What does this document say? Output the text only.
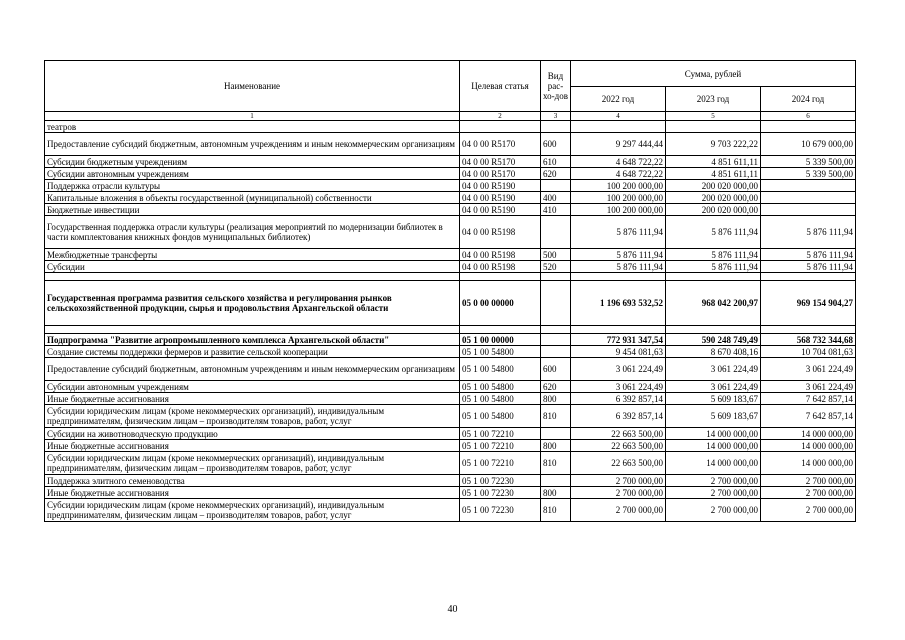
Наименование	Целевая статья	Вид рас-хо-дов	Сумма, рублей		
			2022 год	2023 год	2024 год
1	2	3	4	5	6
театров					
Предоставление субсидий бюджетным, автономным учреждениям и иным некоммерческим организациям	04 0 00 R5170	600	9 297 444,44	9 703 222,22	10 679 000,00
Субсидии бюджетным учреждениям	04 0 00 R5170	610	4 648 722,22	4 851 611,11	5 339 500,00
Субсидии автономным учреждениям	04 0 00 R5170	620	4 648 722,22	4 851 611,11	5 339 500,00
Поддержка отрасли культуры	04 0 00 R5190		100 200 000,00	200 020 000,00	
Капитальные вложения в объекты государственной (муниципальной) собственности	04 0 00 R5190	400	100 200 000,00	200 020 000,00	
Бюджетные инвестиции	04 0 00 R5190	410	100 200 000,00	200 020 000,00	
Государственная поддержка отрасли культуры (реализация мероприятий по модернизации библиотек в части комплектования книжных фондов муниципальных библиотек)	04 0 00 R5198		5 876 111,94	5 876 111,94	5 876 111,94
Межбюджетные трансферты	04 0 00 R5198	500	5 876 111,94	5 876 111,94	5 876 111,94
Субсидии	04 0 00 R5198	520	5 876 111,94	5 876 111,94	5 876 111,94

Государственная программа развития сельского хозяйства и регулирования рынков сельскохозяйственной продукции, сырья и продовольствия Архангельской области	05 0 00 00000		1 196 693 532,52	968 042 200,97	969 154 904,27

Подпрограмма "Развитие агропромышленного комплекса Архангельской области"	05 1 00 00000		772 931 347,54	590 248 749,49	568 732 344,68
Создание системы поддержки фермеров и развитие сельской кооперации	05 1 00 54800		9 454 081,63	8 670 408,16	10 704 081,63
Предоставление субсидий бюджетным, автономным учреждениям и иным некоммерческим организациям	05 1 00 54800	600	3 061 224,49	3 061 224,49	3 061 224,49
Субсидии автономным учреждениям	05 1 00 54800	620	3 061 224,49	3 061 224,49	3 061 224,49
Иные бюджетные ассигнования	05 1 00 54800	800	6 392 857,14	5 609 183,67	7 642 857,14
Субсидии юридическим лицам (кроме некоммерческих организаций), индивидуальным предпринимателям, физическим лицам – производителям товаров, работ, услуг	05 1 00 54800	810	6 392 857,14	5 609 183,67	7 642 857,14
Субсидии на животноводческую продукцию	05 1 00 72210		22 663 500,00	14 000 000,00	14 000 000,00
Иные бюджетные ассигнования	05 1 00 72210	800	22 663 500,00	14 000 000,00	14 000 000,00
Субсидии юридическим лицам (кроме некоммерческих организаций), индивидуальным предпринимателям, физическим лицам – производителям товаров, работ, услуг	05 1 00 72210	810	22 663 500,00	14 000 000,00	14 000 000,00
Поддержка элитного семеноводства	05 1 00 72230		2 700 000,00	2 700 000,00	2 700 000,00
Иные бюджетные ассигнования	05 1 00 72230	800	2 700 000,00	2 700 000,00	2 700 000,00
Субсидии юридическим лицам (кроме некоммерческих организаций), индивидуальным предпринимателям, физическим лицам – производителям товаров, работ, услуг	05 1 00 72230	810	2 700 000,00	2 700 000,00	2 700 000,00
40
